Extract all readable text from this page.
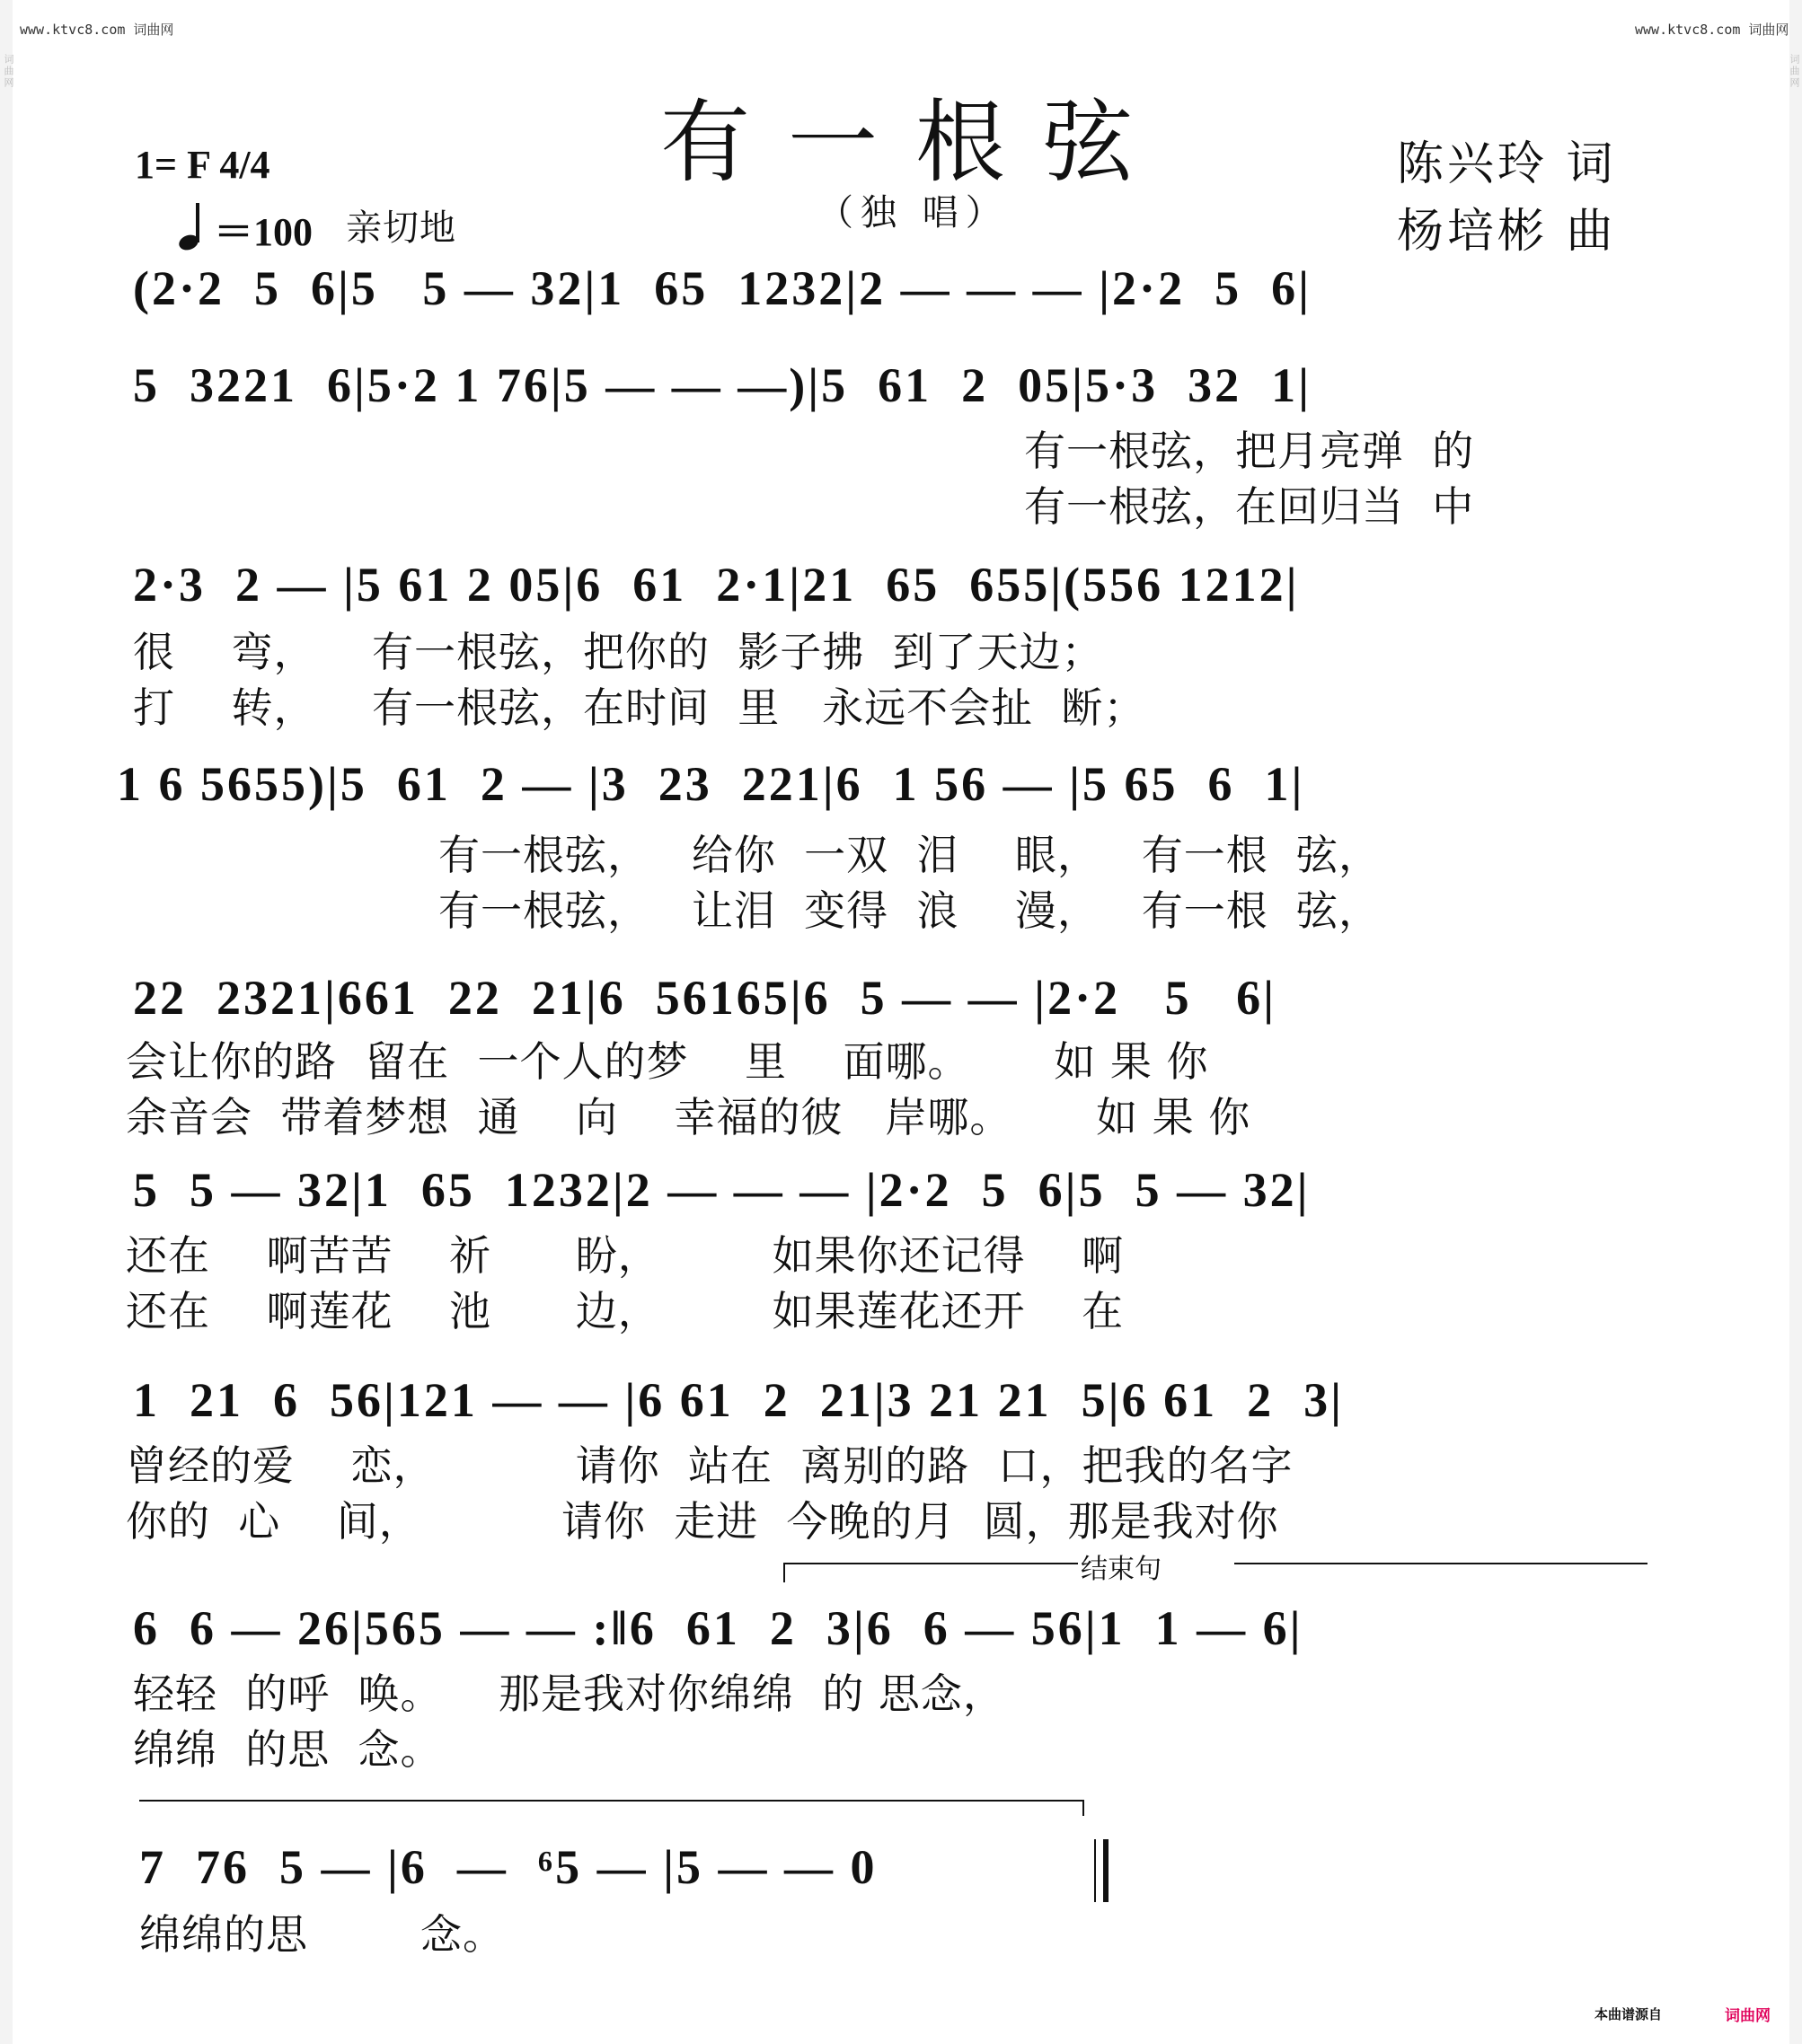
词曲网	词曲网
www.ktvc8.com 词曲网	www.ktvc8.com 词曲网
有一根弦
（独 唱）
1= F 4/4
＝100 亲切地
陈兴玲 词
杨培彬 曲
(2·2  5  6|5   5 — 32|1  65  1232|2 — — — |2·2  5  6|
5  3221  6|5·2 1 76|5 — — —)|5  61  2  05|5·3  32  1|
有一根弦，把月亮弹  的
有一根弦，在回归当  中
2·3  2 — |5 61 2 05|6  61  2·1|21  65  655|(556 1212|
很    弯，    有一根弦，把你的  影子拂  到了天边；
打    转，    有一根弦，在时间  里   永远不会扯  断；
1 6 5655)|5  61  2 — |3  23  221|6  1 56 — |5 65  6  1|
有一根弦，   给你  一双  泪    眼，   有一根  弦，
有一根弦，   让泪  变得  浪    漫，   有一根  弦，
22  2321|661  22  21|6  56165|6  5 — — |2·2   5   6|
会让你的路  留在  一个人的梦    里    面哪。      如 果 你
余音会  带着梦想  通    向    幸福的彼   岸哪。      如 果 你
5  5 — 32|1  65  1232|2 — — — |2·2  5  6|5  5 — 32|
还在    啊苦苦    祈      盼，        如果你还记得    啊
还在    啊莲花    池      边，        如果莲花还开    在
1  21  6  56|121 — — |6 61  2  21|3 21 21  5|6 61  2  3|
曾经的爱    恋，          请你  站在  离别的路  口，把我的名字
你的  心    间，          请你  走进  今晚的月  圆，那是我对你
结束句
6  6 — 26|565 — — :‖6  61  2  3|6  6 — 56|1  1 — 6|
轻轻  的呼  唤。    那是我对你绵绵  的 思念，
绵绵  的思  念。
7  76  5 — |6  —  ⁶5 — |5 — — 0
绵绵的思        念。
本曲谱源自	词曲网
